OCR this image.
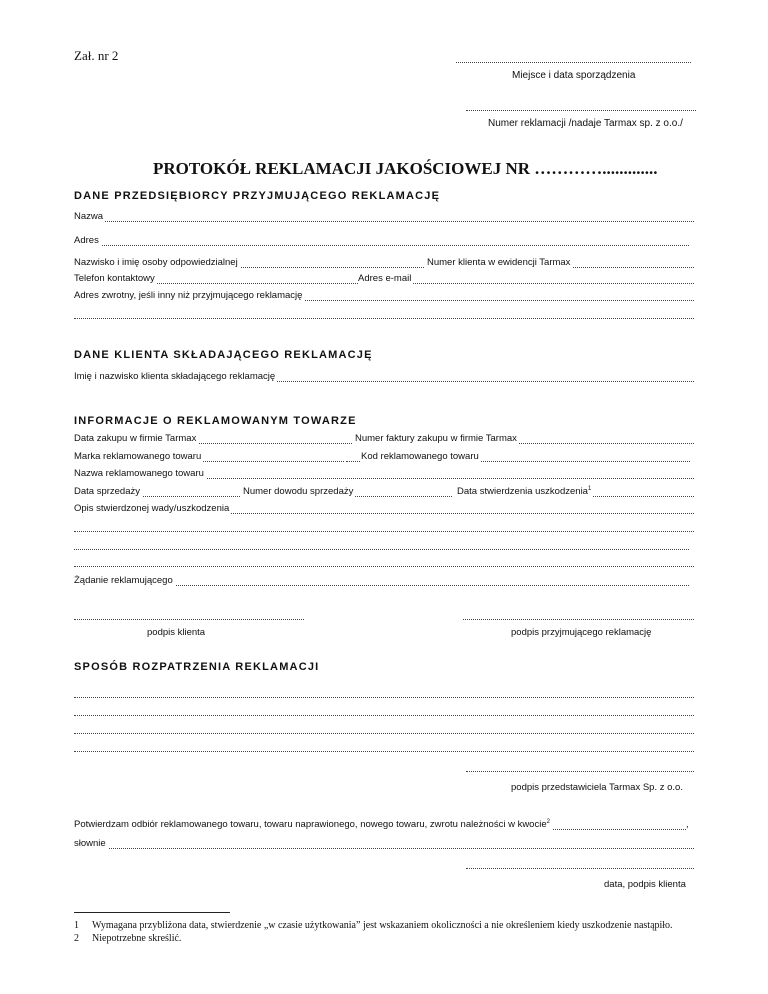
Zał. nr 2
Miejsce i data sporządzenia
Numer reklamacji /nadaje Tarmax sp. z o.o./
PROTOKÓŁ REKLAMACJI JAKOŚCIOWEJ NR ………….............
DANE PRZEDSIĘBIORCY PRZYJMUJĄCEGO REKLAMACJĘ
Nazwa
Adres
Nazwisko i imię osoby odpowiedzialnej	Numer klienta w ewidencji Tarmax
Telefon kontaktowy	Adres e-mail
Adres zwrotny, jeśli inny niż przyjmującego reklamację
DANE KLIENTA SKŁADAJĄCEGO REKLAMACJĘ
Imię i nazwisko klienta składającego reklamację
INFORMACJE O REKLAMOWANYM TOWARZE
Data zakupu w firmie Tarmax	Numer faktury zakupu w firmie Tarmax
Marka reklamowanego towaru	Kod reklamowanego towaru
Nazwa reklamowanego towaru
Data sprzedaży	Numer dowodu sprzedaży	Data stwierdzenia uszkodzenia$^1$
Opis stwierdzonej wady/uszkodzenia
Żądanie reklamującego
podpis klienta	podpis przyjmującego reklamację
SPOSÓB ROZPATRZENIA REKLAMACJI
podpis przedstawiciela Tarmax Sp. z o.o.
Potwierdzam odbiór reklamowanego towaru, towaru naprawionego, nowego towaru, zwrotu należności w kwocie$^2$	,
słownie
data, podpis klienta
1 Wymagana przybliżona data, stwierdzenie „w czasie użytkowania” jest wskazaniem okoliczności a nie określeniem kiedy uszkodzenie nastąpiło.
2 Niepotrzebne skreślić.
